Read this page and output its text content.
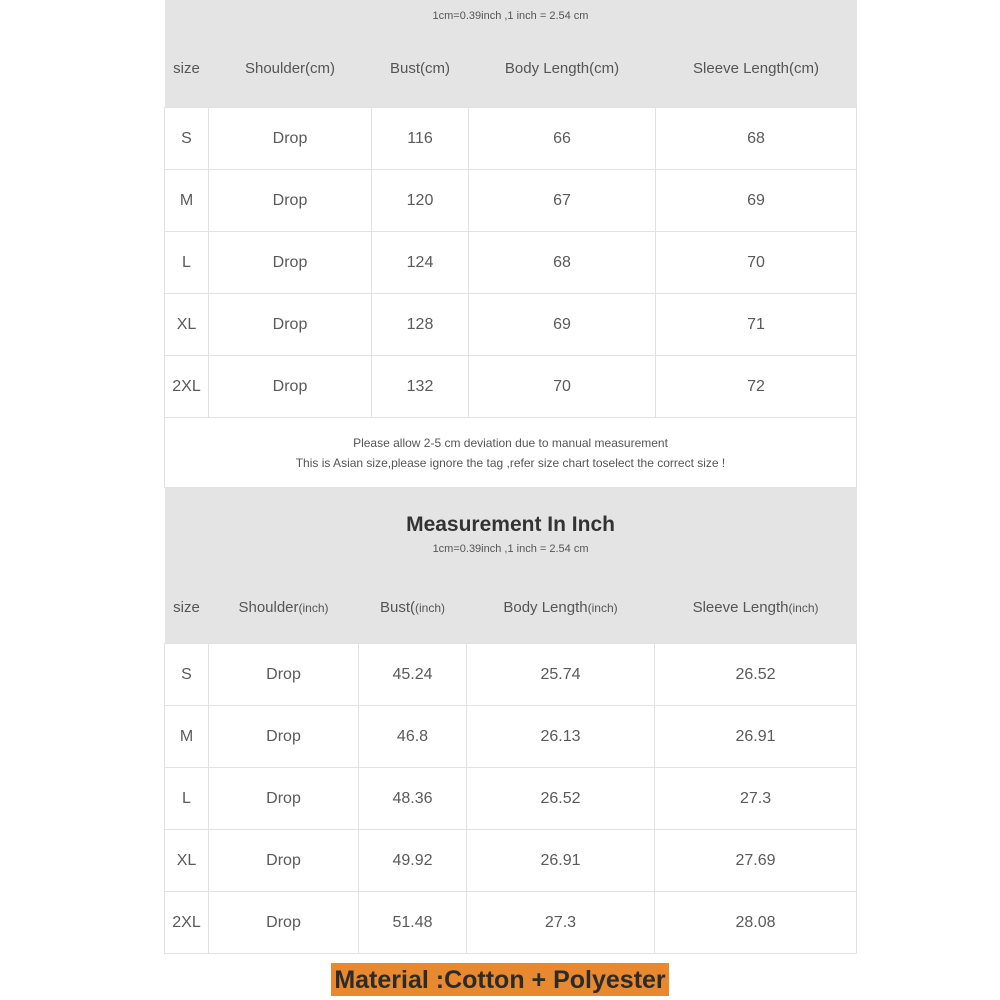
1cm=0.39inch ,1 inch = 2.54 cm				
size	Shoulder(cm)	Bust(cm)	Body Length(cm)	Sleeve Length(cm)
S	Drop	116	66	68
M	Drop	120	67	69
L	Drop	124	68	70
XL	Drop	128	69	71
2XL	Drop	132	70	72

Please allow 2-5 cm deviation due to manual measurement
This is Asian size,please ignore the tag ,refer size chart toselect the correct size !				
Measurement In Inch
1cm=0.39inch ,1 inch = 2.54 cm				

size	Shoulder(inch)	Bust((inch)	Body Length(inch)	Sleeve Length(inch)
S	Drop	45.24	25.74	26.52
M	Drop	46.8	26.13	26.91
L	Drop	48.36	26.52	27.3
XL	Drop	49.92	26.91	27.69
2XL	Drop	51.48	27.3	28.08
Material :Cotton + Polyester
